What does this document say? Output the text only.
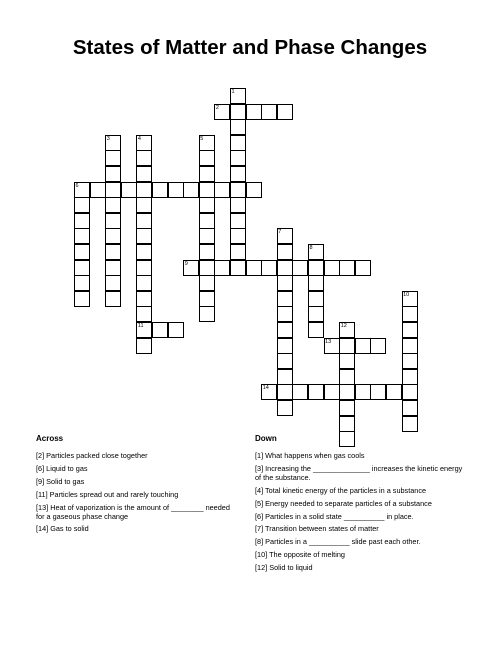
States of Matter and Phase Changes
1
2
3	4	5
6
7
8
9
10
11	12
13
14
Across	Down
[2] Particles packed close together
[6] Liquid to gas
[9] Solid to gas
[11] Particles spread out and rarely touching
[13] Heat of vaporization is the amount of ________ needed for a gaseous phase change
[14] Gas to solid
[1] What happens when gas cools
[3] Increasing the ______________ increases the kinetic energy of the substance.
[4] Total kinetic energy of the particles in a substance
[5] Energy needed to separate particles of a substance
[6] Particles in a solid state __________ in place.
[7] Transition between states of matter
[8] Particles in a __________ slide past each other.
[10] The opposite of melting
[12] Solid to liquid
